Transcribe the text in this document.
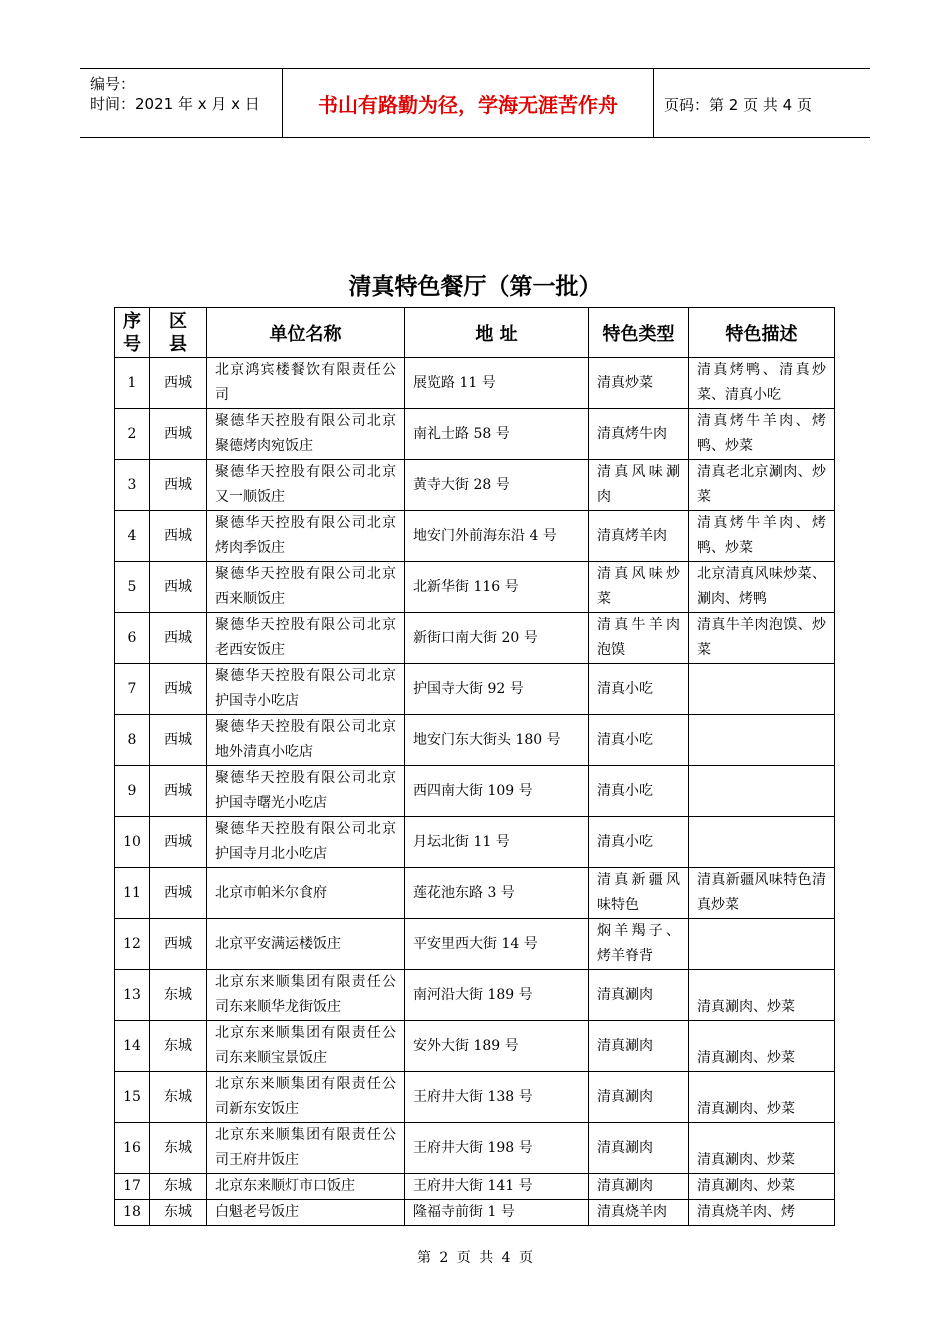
编号：
时间：2021 年 x 月 x 日	书山有路勤为径，学海无涯苦作舟	页码：第 2 页 共 4 页
清真特色餐厅（第一批）
序号	区县	单位名称	地 址	特色类型	特色描述
1	西城	北京鸿宾楼餐饮有限责任公司	展览路 11 号	清真炒菜	清真烤鸭、清真炒菜、清真小吃
2	西城	聚德华天控股有限公司北京聚德烤肉宛饭庄	南礼士路 58 号	清真烤牛肉	清真烤牛羊肉、烤鸭、炒菜
3	西城	聚德华天控股有限公司北京又一顺饭庄	黄寺大街 28 号	清真风味涮肉	清真老北京涮肉、炒菜
4	西城	聚德华天控股有限公司北京烤肉季饭庄	地安门外前海东沿 4 号	清真烤羊肉	清真烤牛羊肉、烤鸭、炒菜
5	西城	聚德华天控股有限公司北京西来顺饭庄	北新华街 116 号	清真风味炒菜	北京清真风味炒菜、涮肉、烤鸭
6	西城	聚德华天控股有限公司北京老西安饭庄	新街口南大街 20 号	清真牛羊肉泡馍	清真牛羊肉泡馍、炒菜
7	西城	聚德华天控股有限公司北京护国寺小吃店	护国寺大街 92 号	清真小吃	
8	西城	聚德华天控股有限公司北京地外清真小吃店	地安门东大街头 180 号	清真小吃	
9	西城	聚德华天控股有限公司北京护国寺曙光小吃店	西四南大街 109 号	清真小吃	
10	西城	聚德华天控股有限公司北京护国寺月北小吃店	月坛北街 11 号	清真小吃	
11	西城	北京市帕米尔食府	莲花池东路 3 号	清真新疆风味特色	清真新疆风味特色清真炒菜
12	西城	北京平安满运楼饭庄	平安里西大街 14 号	焖羊羯子、烤羊脊背	
13	东城	北京东来顺集团有限责任公司东来顺华龙街饭庄	南河沿大街 189 号	清真涮肉	清真涮肉、炒菜
14	东城	北京东来顺集团有限责任公司东来顺宝景饭庄	安外大街 189 号	清真涮肉	清真涮肉、炒菜
15	东城	北京东来顺集团有限责任公司新东安饭庄	王府井大街 138 号	清真涮肉	清真涮肉、炒菜
16	东城	北京东来顺集团有限责任公司王府井饭庄	王府井大街 198 号	清真涮肉	清真涮肉、炒菜
17	东城	北京东来顺灯市口饭庄	王府井大街 141 号	清真涮肉	清真涮肉、炒菜
18	东城	白魁老号饭庄	隆福寺前街 1 号	清真烧羊肉	清真烧羊肉、烤
第 2 页 共 4 页
